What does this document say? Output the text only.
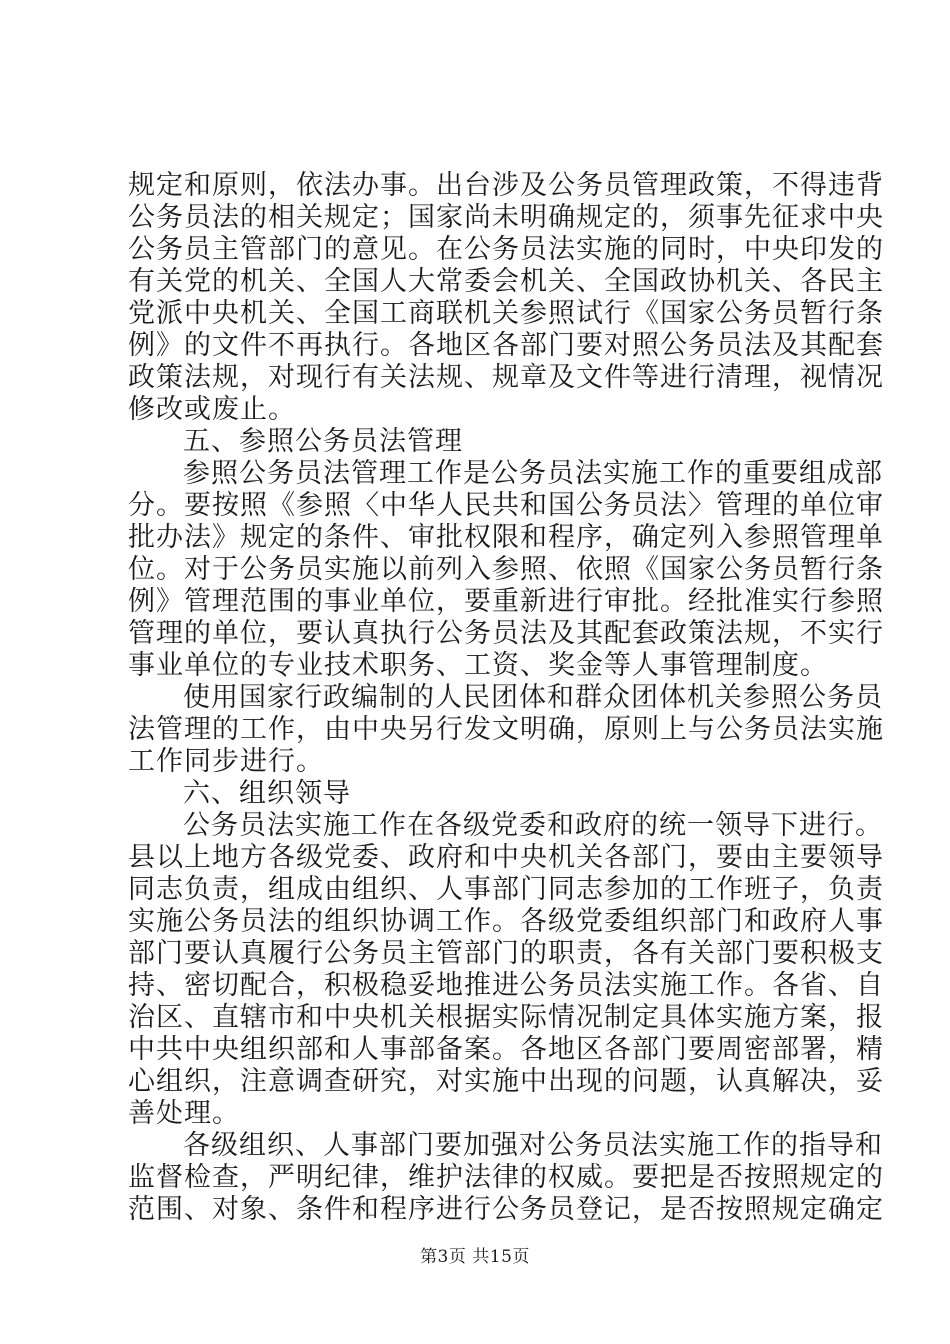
规定和原则，依法办事。出台涉及公务员管理政策，不得违背
公务员法的相关规定；国家尚未明确规定的，须事先征求中央
公务员主管部门的意见。在公务员法实施的同时，中央印发的
有关党的机关、全国人大常委会机关、全国政协机关、各民主
党派中央机关、全国工商联机关参照试行《国家公务员暂行条
例》的文件不再执行。各地区各部门要对照公务员法及其配套
政策法规，对现行有关法规、规章及文件等进行清理，视情况
修改或废止。
五、参照公务员法管理
参照公务员法管理工作是公务员法实施工作的重要组成部
分。要按照《参照〈中华人民共和国公务员法〉管理的单位审
批办法》规定的条件、审批权限和程序，确定列入参照管理单
位。对于公务员实施以前列入参照、依照《国家公务员暂行条
例》管理范围的事业单位，要重新进行审批。经批准实行参照
管理的单位，要认真执行公务员法及其配套政策法规，不实行
事业单位的专业技术职务、工资、奖金等人事管理制度。
使用国家行政编制的人民团体和群众团体机关参照公务员
法管理的工作，由中央另行发文明确，原则上与公务员法实施
工作同步进行。
六、组织领导
公务员法实施工作在各级党委和政府的统一领导下进行。
县以上地方各级党委、政府和中央机关各部门，要由主要领导
同志负责，组成由组织、人事部门同志参加的工作班子，负责
实施公务员法的组织协调工作。各级党委组织部门和政府人事
部门要认真履行公务员主管部门的职责，各有关部门要积极支
持、密切配合，积极稳妥地推进公务员法实施工作。各省、自
治区、直辖市和中央机关根据实际情况制定具体实施方案，报
中共中央组织部和人事部备案。各地区各部门要周密部署，精
心组织，注意调查研究，对实施中出现的问题，认真解决，妥
善处理。
各级组织、人事部门要加强对公务员法实施工作的指导和
监督检查，严明纪律，维护法律的权威。要把是否按照规定的
范围、对象、条件和程序进行公务员登记，是否按照规定确定
第3页 共15页
